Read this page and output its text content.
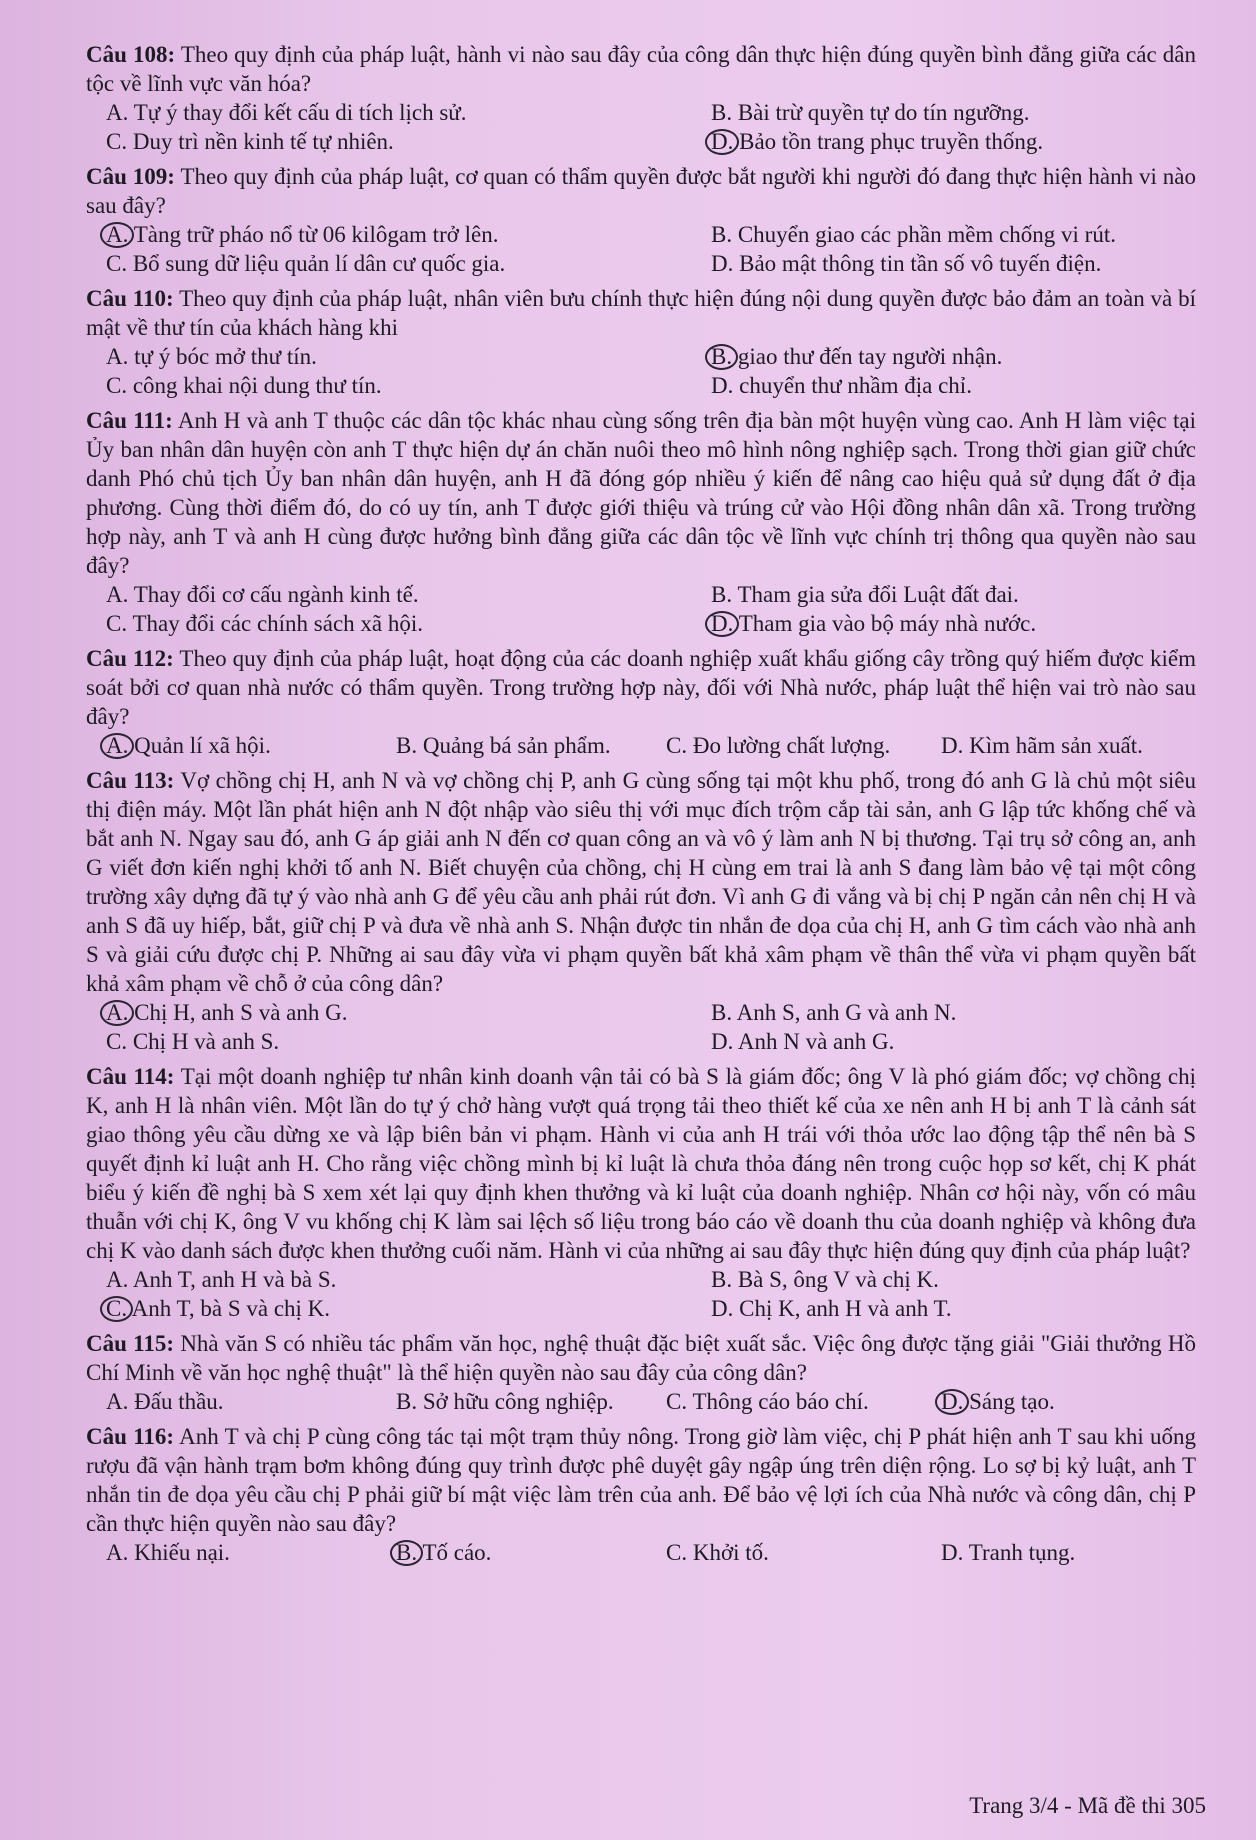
Câu 108: Theo quy định của pháp luật, hành vi nào sau đây của công dân thực hiện đúng quyền bình đẳng giữa các dân tộc về lĩnh vực văn hóa?

A. Tự ý thay đổi kết cấu di tích lịch sử.	B. Bài trừ quyền tự do tín ngưỡng.
C. Duy trì nền kinh tế tự nhiên.	D. Bảo tồn trang phục truyền thống.

Câu 109: Theo quy định của pháp luật, cơ quan có thẩm quyền được bắt người khi người đó đang thực hiện hành vi nào sau đây?

A. Tàng trữ pháo nổ từ 06 kilôgam trở lên.	B. Chuyển giao các phần mềm chống vi rút.
C. Bổ sung dữ liệu quản lí dân cư quốc gia.	D. Bảo mật thông tin tần số vô tuyến điện.

Câu 110: Theo quy định của pháp luật, nhân viên bưu chính thực hiện đúng nội dung quyền được bảo đảm an toàn và bí mật về thư tín của khách hàng khi

A. tự ý bóc mở thư tín.	B. giao thư đến tay người nhận.
C. công khai nội dung thư tín.	D. chuyển thư nhầm địa chỉ.

Câu 111: Anh H và anh T thuộc các dân tộc khác nhau cùng sống trên địa bàn một huyện vùng cao. Anh H làm việc tại Ủy ban nhân dân huyện còn anh T thực hiện dự án chăn nuôi theo mô hình nông nghiệp sạch. Trong thời gian giữ chức danh Phó chủ tịch Ủy ban nhân dân huyện, anh H đã đóng góp nhiều ý kiến để nâng cao hiệu quả sử dụng đất ở địa phương. Cùng thời điểm đó, do có uy tín, anh T được giới thiệu và trúng cử vào Hội đồng nhân dân xã. Trong trường hợp này, anh T và anh H cùng được hưởng bình đẳng giữa các dân tộc về lĩnh vực chính trị thông qua quyền nào sau đây?

A. Thay đổi cơ cấu ngành kinh tế.	B. Tham gia sửa đổi Luật đất đai.
C. Thay đổi các chính sách xã hội.	D. Tham gia vào bộ máy nhà nước.

Câu 112: Theo quy định của pháp luật, hoạt động của các doanh nghiệp xuất khẩu giống cây trồng quý hiếm được kiểm soát bởi cơ quan nhà nước có thẩm quyền. Trong trường hợp này, đối với Nhà nước, pháp luật thể hiện vai trò nào sau đây?

A. Quản lí xã hội.	B. Quảng bá sản phẩm.	C. Đo lường chất lượng.	D. Kìm hãm sản xuất.

Câu 113: Vợ chồng chị H, anh N và vợ chồng chị P, anh G cùng sống tại một khu phố, trong đó anh G là chủ một siêu thị điện máy. Một lần phát hiện anh N đột nhập vào siêu thị với mục đích trộm cắp tài sản, anh G lập tức khống chế và bắt anh N. Ngay sau đó, anh G áp giải anh N đến cơ quan công an và vô ý làm anh N bị thương. Tại trụ sở công an, anh G viết đơn kiến nghị khởi tố anh N. Biết chuyện của chồng, chị H cùng em trai là anh S đang làm bảo vệ tại một công trường xây dựng đã tự ý vào nhà anh G để yêu cầu anh phải rút đơn. Vì anh G đi vắng và bị chị P ngăn cản nên chị H và anh S đã uy hiếp, bắt, giữ chị P và đưa về nhà anh S. Nhận được tin nhắn đe dọa của chị H, anh G tìm cách vào nhà anh S và giải cứu được chị P. Những ai sau đây vừa vi phạm quyền bất khả xâm phạm về thân thể vừa vi phạm quyền bất khả xâm phạm về chỗ ở của công dân?

A. Chị H, anh S và anh G.	B. Anh S, anh G và anh N.
C. Chị H và anh S.	D. Anh N và anh G.

Câu 114: Tại một doanh nghiệp tư nhân kinh doanh vận tải có bà S là giám đốc; ông V là phó giám đốc; vợ chồng chị K, anh H là nhân viên. Một lần do tự ý chở hàng vượt quá trọng tải theo thiết kế của xe nên anh H bị anh T là cảnh sát giao thông yêu cầu dừng xe và lập biên bản vi phạm. Hành vi của anh H trái với thỏa ước lao động tập thể nên bà S quyết định kỉ luật anh H. Cho rằng việc chồng mình bị kỉ luật là chưa thỏa đáng nên trong cuộc họp sơ kết, chị K phát biểu ý kiến đề nghị bà S xem xét lại quy định khen thưởng và kỉ luật của doanh nghiệp. Nhân cơ hội này, vốn có mâu thuẫn với chị K, ông V vu khống chị K làm sai lệch số liệu trong báo cáo về doanh thu của doanh nghiệp và không đưa chị K vào danh sách được khen thưởng cuối năm. Hành vi của những ai sau đây thực hiện đúng quy định của pháp luật?

A. Anh T, anh H và bà S.	B. Bà S, ông V và chị K.
C. Anh T, bà S và chị K.	D. Chị K, anh H và anh T.

Câu 115: Nhà văn S có nhiều tác phẩm văn học, nghệ thuật đặc biệt xuất sắc. Việc ông được tặng giải "Giải thưởng Hồ Chí Minh về văn học nghệ thuật" là thể hiện quyền nào sau đây của công dân?

A. Đấu thầu.	B. Sở hữu công nghiệp.	C. Thông cáo báo chí.	D. Sáng tạo.

Câu 116: Anh T và chị P cùng công tác tại một trạm thủy nông. Trong giờ làm việc, chị P phát hiện anh T sau khi uống rượu đã vận hành trạm bơm không đúng quy trình được phê duyệt gây ngập úng trên diện rộng. Lo sợ bị kỷ luật, anh T nhắn tin đe dọa yêu cầu chị P phải giữ bí mật việc làm trên của anh. Để bảo vệ lợi ích của Nhà nước và công dân, chị P cần thực hiện quyền nào sau đây?

A. Khiếu nại.	B. Tố cáo.	C. Khởi tố.	D. Tranh tụng.
Trang 3/4 - Mã đề thi 305
